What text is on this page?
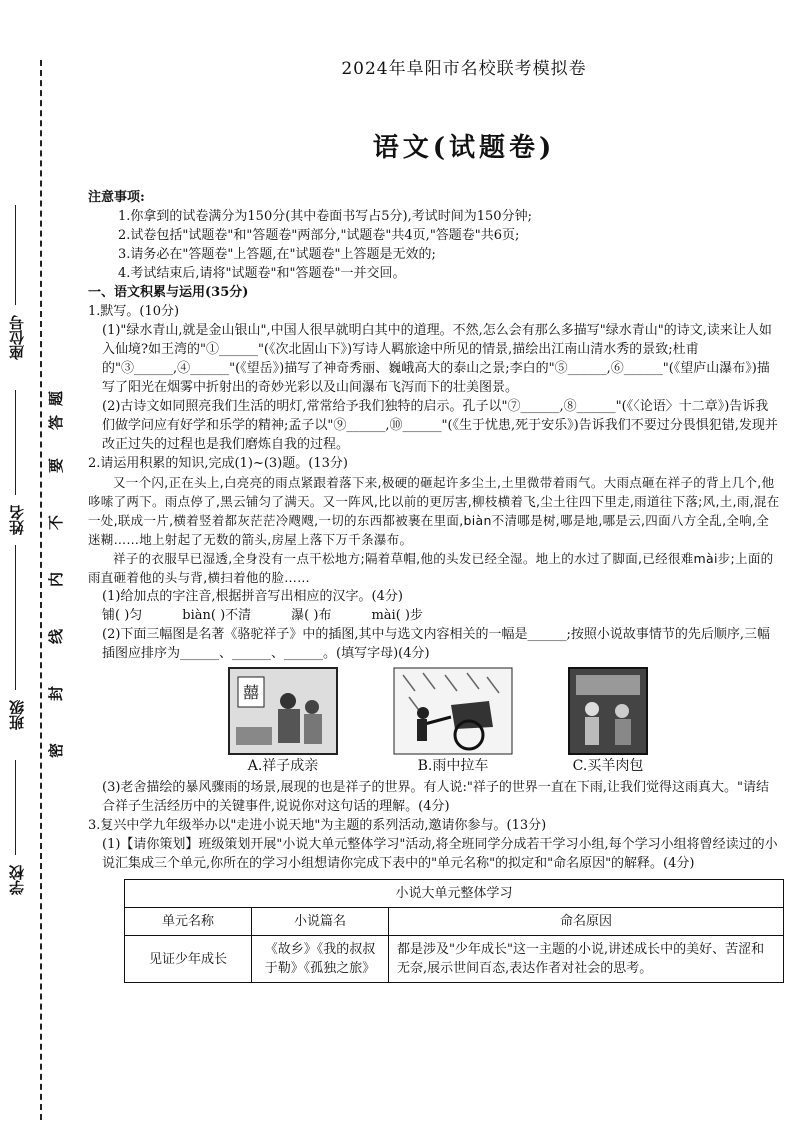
学校
班级
姓名
座位号
密
封
线
内
不
要
答
题
2024年阜阳市名校联考模拟卷
语文(试题卷)
注意事项:
1.你拿到的试卷满分为150分(其中卷面书写占5分),考试时间为150分钟;
2.试卷包括"试题卷"和"答题卷"两部分,"试题卷"共4页,"答题卷"共6页;
3.请务必在"答题卷"上答题,在"试题卷"上答题是无效的;
4.考试结束后,请将"试题卷"和"答题卷"一并交回。
一、语文积累与运用(35分)

1.默写。(10分)

(1)"绿水青山,就是金山银山",中国人很早就明白其中的道理。不然,怎么会有那么多描写"绿水青山"的诗文,读来让人如入仙境?如王湾的"①______"(《次北固山下》)写诗人羁旅途中所见的情景,描绘出江南山清水秀的景致;杜甫的"③______,④______"(《望岳》)描写了神奇秀丽、巍峨高大的泰山之景;李白的"⑤______,⑥______"(《望庐山瀑布》)描写了阳光在烟雾中折射出的奇妙光彩以及山间瀑布飞泻而下的壮美图景。

(2)古诗文如同照亮我们生活的明灯,常常给予我们独特的启示。孔子以"⑦______,⑧______"(《〈论语〉十二章》)告诉我们做学问应有好学和乐学的精神;孟子以"⑨______,⑩______"(《生于忧患,死于安乐》)告诉我们不要过分畏惧犯错,发现并改正过失的过程也是我们磨炼自我的过程。

2.请运用积累的知识,完成(1)~(3)题。(13分)

又一个闪,正在头上,白亮亮的雨点紧跟着落下来,极硬的砸起许多尘土,土里微带着雨气。大雨点砸在祥子的背上几个,他哆嗦了两下。雨点停了,黑云铺匀了满天。又一阵风,比以前的更厉害,柳枝横着飞,尘土往四下里走,雨道往下落;风,土,雨,混在一处,联成一片,横着竖着都灰茫茫冷飕飕,一切的东西都被裹在里面,biàn不清哪是树,哪是地,哪是云,四面八方全乱,全响,全迷糊……地上射起了无数的箭头,房屋上落下万千条瀑布。

祥子的衣服早已湿透,全身没有一点干松地方;隔着草帽,他的头发已经全湿。地上的水过了脚面,已经很难mài步;上面的雨直砸着他的头与背,横扫着他的脸……

(1)给加点的字注音,根据拼音写出相应的汉字。(4分)

铺( )匀	biàn( )不清	瀑( )布	mài( )步

(2)下面三幅图是名著《骆驼祥子》中的插图,其中与选文内容相关的一幅是______;按照小说故事情节的先后顺序,三幅插图应排序为______、______、______。(填写字母)(4分)

囍
A.祥子成亲	B.雨中拉车	C.买羊肉包

(3)老舍描绘的暴风骤雨的场景,展现的也是祥子的世界。有人说:"祥子的世界一直在下雨,让我们觉得这雨真大。"请结合祥子生活经历中的关键事件,说说你对这句话的理解。(4分)

3.复兴中学九年级举办以"走进小说天地"为主题的系列活动,邀请你参与。(13分)

(1)【请你策划】班级策划开展"小说大单元整体学习"活动,将全班同学分成若干学习小组,每个学习小组将曾经读过的小说汇集成三个单元,你所在的学习小组想请你完成下表中的"单元名称"的拟定和"命名原因"的解释。(4分)

小说大单元整体学习		
单元名称	小说篇名	命名原因
见证少年成长	《故乡》《我的叔叔于勒》《孤独之旅》	都是涉及"少年成长"这一主题的小说,讲述成长中的美好、苦涩和无奈,展示世间百态,表达作者对社会的思考。
